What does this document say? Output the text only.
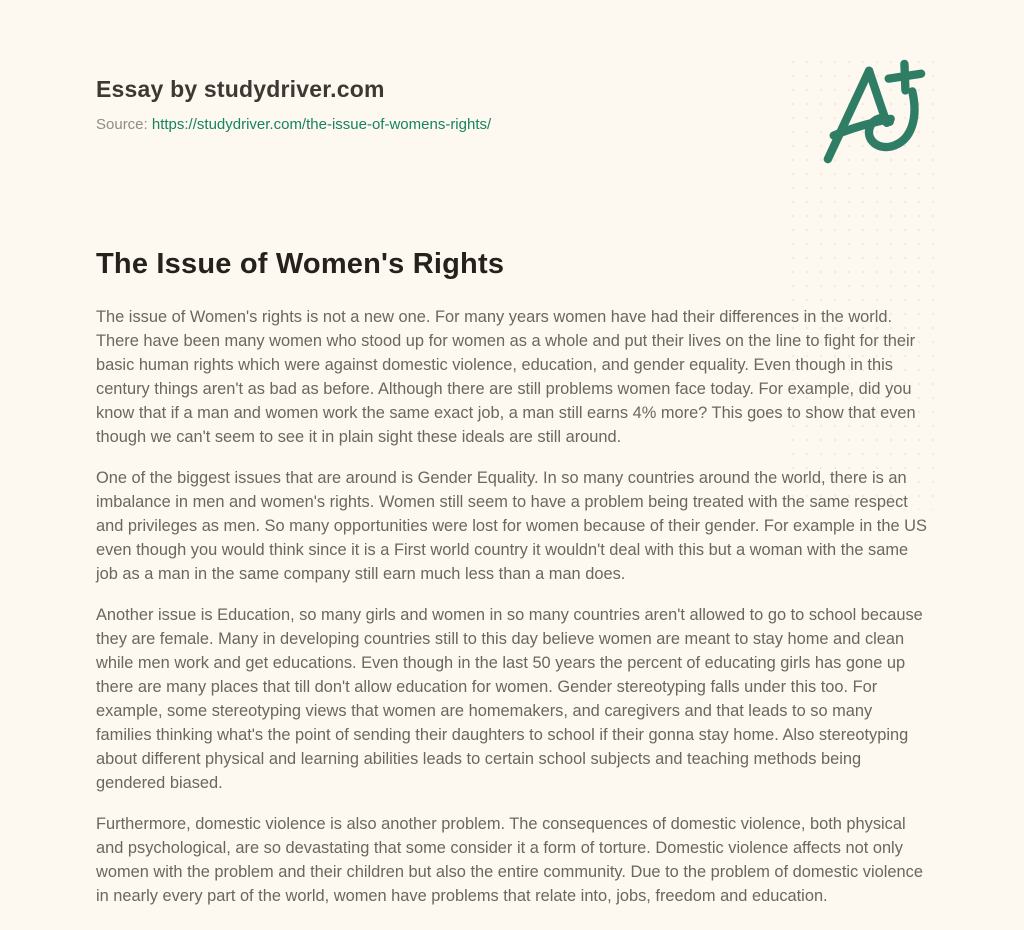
Essay by studydriver.com
Source: https://studydriver.com/the-issue-of-womens-rights/
The Issue of Women's Rights

The issue of Women's rights is not a new one. For many years women have had their differences in the world. There have been many women who stood up for women as a whole and put their lives on the line to fight for their basic human rights which were against domestic violence, education, and gender equality. Even though in this century things aren't as bad as before. Although there are still problems women face today. For example, did you know that if a man and women work the same exact job, a man still earns 4% more? This goes to show that even though we can't seem to see it in plain sight these ideals are still around.

One of the biggest issues that are around is Gender Equality. In so many countries around the world, there is an imbalance in men and women's rights. Women still seem to have a problem being treated with the same respect and privileges as men. So many opportunities were lost for women because of their gender. For example in the US even though you would think since it is a First world country it wouldn't deal with this but a woman with the same job as a man in the same company still earn much less than a man does.

Another issue is Education, so many girls and women in so many countries aren't allowed to go to school because they are female. Many in developing countries still to this day believe women are meant to stay home and clean while men work and get educations. Even though in the last 50 years the percent of educating girls has gone up there are many places that till don't allow education for women. Gender stereotyping falls under this too. For example, some stereotyping views that women are homemakers, and caregivers and that leads to so many families thinking what's the point of sending their daughters to school if their gonna stay home. Also stereotyping about different physical and learning abilities leads to certain school subjects and teaching methods being gendered biased.

Furthermore, domestic violence is also another problem. The consequences of domestic violence, both physical and psychological, are so devastating that some consider it a form of torture. Domestic violence affects not only women with the problem and their children but also the entire community. Due to the problem of domestic violence in nearly every part of the world, women have problems that relate into, jobs, freedom and education.
